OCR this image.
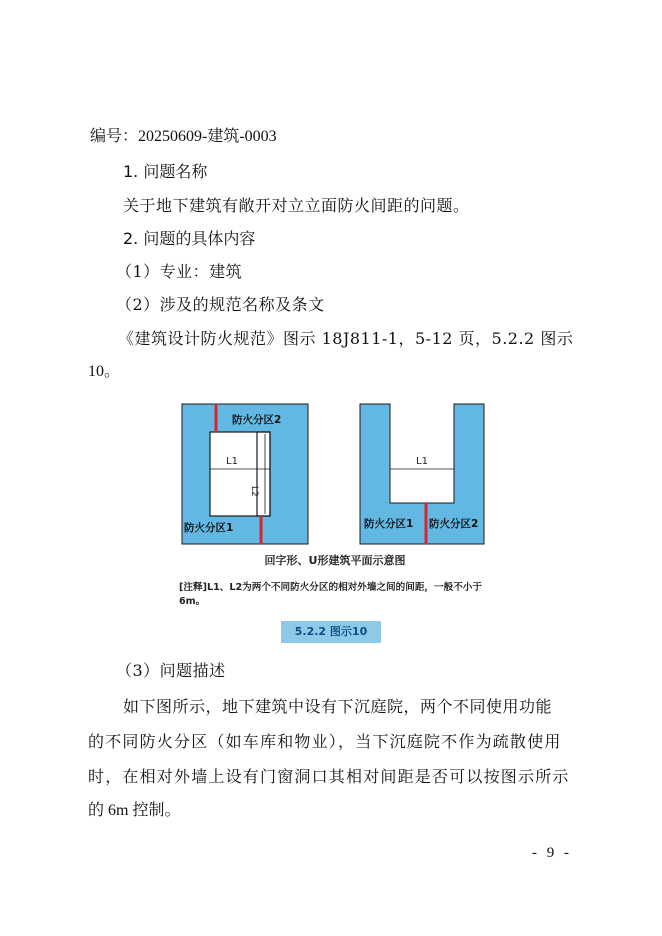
编号：20250609-建筑-0003
1. 问题名称
关于地下建筑有敞开对立立面防火间距的问题。
2. 问题的具体内容
（1）专业：建筑
（2）涉及的规范名称及条文
《建筑设计防火规范》图示 18J811-1，5-12 页，5.2.2 图示
10。
L1
L2
防火分区2
防火分区1
L1
防火分区1 防火分区2
回字形、U形建筑平面示意图
[注释]L1、L2为两个不同防火分区的相对外墙之间的间距，一般不小于6m。
5.2.2 图示10
（3）问题描述
如下图所示，地下建筑中设有下沉庭院，两个不同使用功能
的不同防火分区（如车库和物业），当下沉庭院不作为疏散使用
时，在相对外墙上设有门窗洞口其相对间距是否可以按图示所示
的 6m 控制。
- 9 -
